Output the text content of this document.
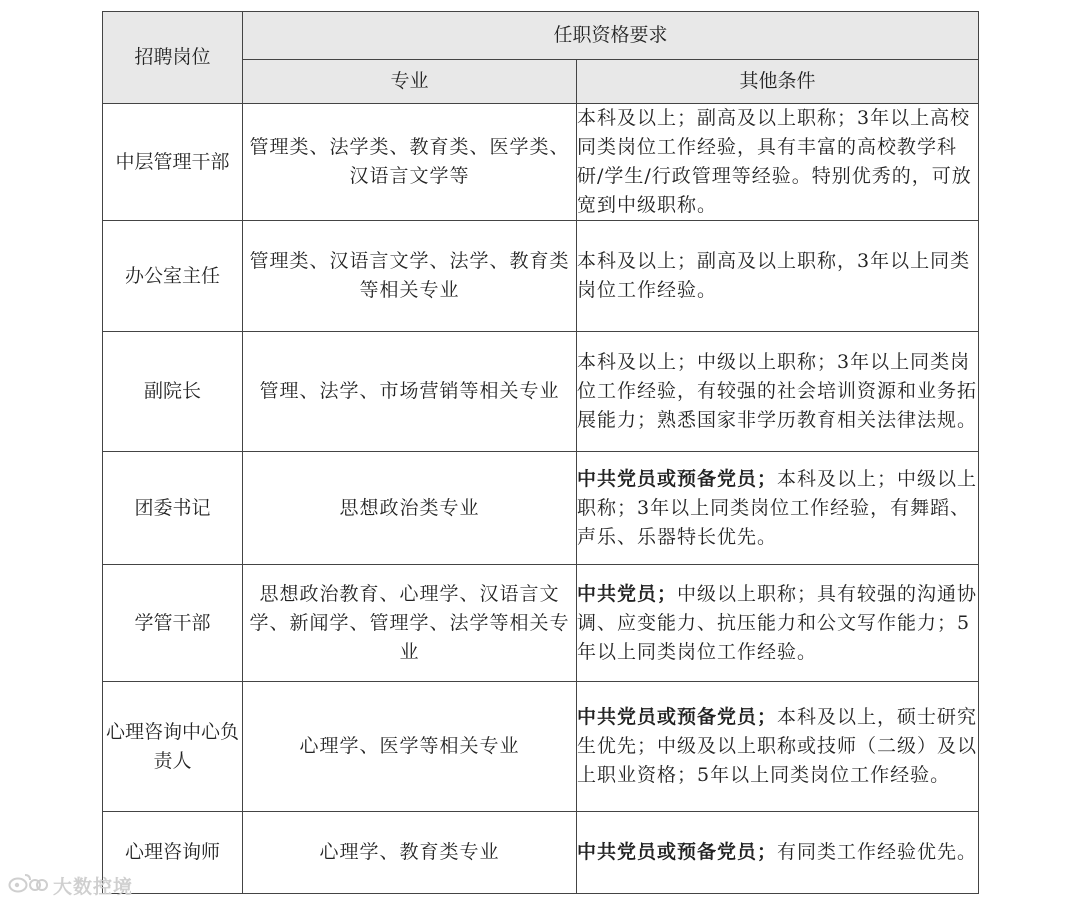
招聘岗位	任职资格要求	
	专业	其他条件
中层管理干部	管理类、法学类、教育类、医学类、汉语言文学等	本科及以上；副高及以上职称；3年以上高校同类岗位工作经验，具有丰富的高校教学科研/学生/行政管理等经验。特别优秀的，可放宽到中级职称。
办公室主任	管理类、汉语言文学、法学、教育类等相关专业	本科及以上；副高及以上职称，3年以上同类岗位工作经验。
副院长	管理、法学、市场营销等相关专业	本科及以上；中级以上职称；3年以上同类岗位工作经验，有较强的社会培训资源和业务拓展能力；熟悉国家非学历教育相关法律法规。
团委书记	思想政治类专业	中共党员或预备党员；本科及以上；中级以上职称；3年以上同类岗位工作经验，有舞蹈、声乐、乐器特长优先。
学管干部	思想政治教育、心理学、汉语言文学、新闻学、管理学、法学等相关专业	中共党员；中级以上职称；具有较强的沟通协调、应变能力、抗压能力和公文写作能力；5年以上同类岗位工作经验。
心理咨询中心负责人	心理学、医学等相关专业	中共党员或预备党员；本科及以上，硕士研究生优先；中级及以上职称或技师（二级）及以上职业资格；5年以上同类岗位工作经验。
心理咨询师	心理学、教育类专业	中共党员或预备党员；有同类工作经验优先。
大数控境
